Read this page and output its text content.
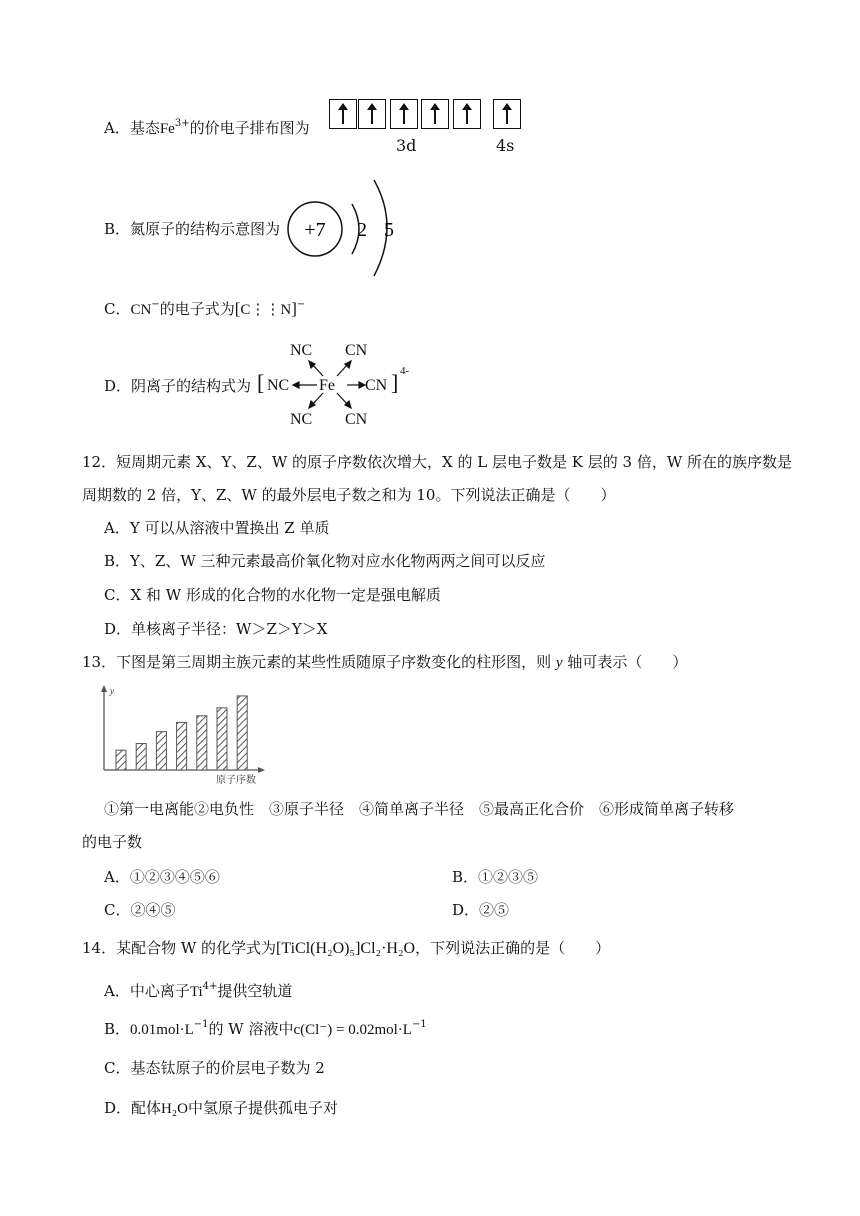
A．基态$Fe^{3+}$的价电子排布图为
3d	4s
B．氮原子的结构示意图为 +7 2 5
C．CN−的电子式为[C⋮⋮N]−
D．阴离子的结构式为 [ NC Fe CN ] 4-
NC CN
NC CN
12．短周期元素 X、Y、Z、W 的原子序数依次增大，X 的 L 层电子数是 K 层的 3 倍，W 所在的族序数是
周期数的 2 倍，Y、Z、W 的最外层电子数之和为 10。下列说法正确是（　　）
A．Y 可以从溶液中置换出 Z 单质
B．Y、Z、W 三种元素最高价氧化物对应水化物两两之间可以反应
C．X 和 W 形成的化合物的水化物一定是强电解质
D．单核离子半径：W＞Z＞Y＞X
13．下图是第三周期主族元素的某些性质随原子序数变化的柱形图，则 y 轴可表示（　　）
y
原子序数
①第一电离能②电负性　③原子半径　④简单离子半径　⑤最高正化合价　⑥形成简单离子转移
的电子数
A．①②③④⑤⑥	B．①②③⑤
C．②④⑤	D．②⑤
14．某配合物 W 的化学式为[TiCl(H₂O)₅]Cl₂·H₂O，下列说法正确的是（　　）
A．中心离子$Ti^{4+}$提供空轨道
B．$0.01mol\cdot L^{-1}$的 W 溶液中$c(Cl^-) = 0.02mol\cdot L^{-1}$
C．基态钛原子的价层电子数为 2
D．配体H₂O中氢原子提供孤电子对
